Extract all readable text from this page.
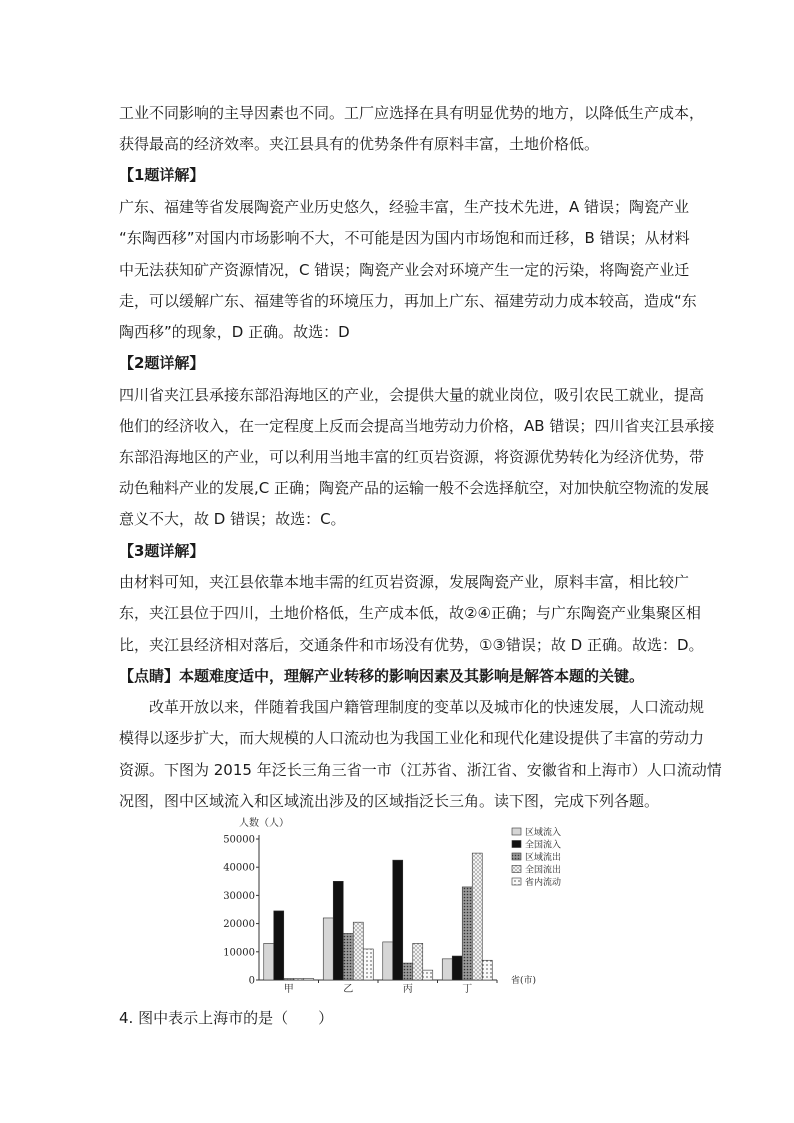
工业不同影响的主导因素也不同。工厂应选择在具有明显优势的地方，以降低生产成本，
获得最高的经济效率。夹江县具有的优势条件有原料丰富，土地价格低。
【1题详解】
广东、福建等省发展陶瓷产业历史悠久，经验丰富，生产技术先进，A 错误；陶瓷产业
“东陶西移”对国内市场影响不大，不可能是因为国内市场饱和而迁移，B 错误；从材料
中无法获知矿产资源情况，C 错误；陶瓷产业会对环境产生一定的污染，将陶瓷产业迁
走，可以缓解广东、福建等省的环境压力，再加上广东、福建劳动力成本较高，造成“东
陶西移”的现象，D 正确。故选：D
【2题详解】
四川省夹江县承接东部沿海地区的产业，会提供大量的就业岗位，吸引农民工就业，提高
他们的经济收入，在一定程度上反而会提高当地劳动力价格，AB 错误；四川省夹江县承接
东部沿海地区的产业，可以利用当地丰富的红页岩资源，将资源优势转化为经济优势，带
动色釉料产业的发展,C 正确；陶瓷产品的运输一般不会选择航空，对加快航空物流的发展
意义不大，故 D 错误；故选：C。
【3题详解】
由材料可知，夹江县依靠本地丰需的红页岩资源，发展陶瓷产业，原料丰富，相比较广
东，夹江县位于四川，土地价格低，生产成本低，故②④正确；与广东陶瓷产业集聚区相
比，夹江县经济相对落后，交通条件和市场没有优势，①③错误；故 D 正确。故选：D。
【点睛】本题难度适中，理解产业转移的影响因素及其影响是解答本题的关键。
改革开放以来，伴随着我国户籍管理制度的变革以及城市化的快速发展，人口流动规
模得以逐步扩大，而大规模的人口流动也为我国工业化和现代化建设提供了丰富的劳动力
资源。下图为 2015 年泛长三角三省一市（江苏省、浙江省、安徽省和上海市）人口流动情
况图，图中区域流入和区域流出涉及的区域指泛长三角。读下图，完成下列各题。
人数（人）
省(市)
0
10000
20000
30000
40000
50000
甲	乙	丙	丁
区域流入
全国流入
区域流出
全国流出
省内流动
4. 图中表示上海市的是（　　）
